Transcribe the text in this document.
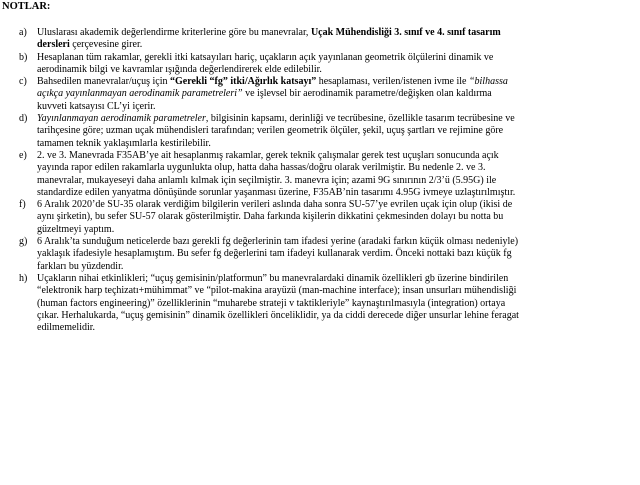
NOTLAR:
a) Uluslarası akademik değerlendirme kriterlerine göre bu manevralar, Uçak Mühendisliği 3. sınıf ve 4. sınıf tasarım dersleri çerçevesine girer.
b) Hesaplanan tüm rakamlar, gerekli itki katsayıları hariç, uçakların açık yayınlanan geometrik ölçülerini dinamik ve aerodinamik bilgi ve kavramlar ışığında değerlendirerek elde edilebilir.
c) Bahsedilen manevralar/uçuş için “Gerekli “fg” itki/Ağırlık katsayı” hesaplaması, verilen/istenen ivme ile “bilhassa açıkça yayınlanmayan aerodinamik parametreleri” ve işlevsel bir aerodinamik parametre/değişken olan kaldırma kuvveti katsayısı CL’yi içerir.
d) Yayınlanmayan aerodinamik parametreler, bilgisinin kapsamı, derinliği ve tecrübesine, özellikle tasarım tecrübesine ve tarihçesine göre; uzman uçak mühendisleri tarafından; verilen geometrik ölçüler, şekil, uçuş şartları ve rejimine göre tamamen teknik yaklaşımlarla kestirilebilir.
e) 2. ve 3. Manevrada F35AB’ye ait hesaplanmış rakamlar, gerek teknik çalışmalar gerek test uçuşları sonucunda açık yayında rapor edilen rakamlarla uygunlukta olup, hatta daha hassas/doğru olarak verilmiştir. Bu nedenle 2. ve 3. manevralar, mukayeseyi daha anlamlı kılmak için seçilmiştir. 3. manevra için; azami 9G sınırının 2/3’ü (5.95G) ile standardize edilen yanyatma dönüşünde sorunlar yaşanması üzerine, F35AB’nin tasarımı 4.95G ivmeye uzlaştırılmıştır.
f) 6 Aralık 2020’de SU-35 olarak verdiğim bilgilerin verileri aslında daha sonra SU-57’ye evrilen uçak için olup (ikisi de aynı şirketin), bu sefer SU-57 olarak gösterilmiştir. Daha farkında kişilerin dikkatini çekmesinden dolayı bu notta bu güzeltmeyi yaptım.
g) 6 Aralık’ta sunduğum neticelerde bazı gerekli fg değerlerinin tam ifadesi yerine (aradaki farkın küçük olması nedeniyle) yaklaşık ifadesiyle hesaplamıştım. Bu sefer fg değerlerini tam ifadeyi kullanarak verdim. Önceki nottaki bazı küçük fg farkları bu yüzdendir.
h) Uçakların nihai etkinlikleri; “uçuş gemisinin/platformun” bu manevralardaki dinamik özellikleri gb üzerine bindirilen “elektronik harp teçhizatı+mühimmat” ve “pilot-makina arayüzü (man-machine interface); insan unsurları mühendisliği (human factors engineering)” özelliklerinin “muharebe strateji v taktikleriyle” kaynaştırılmasıyla (integration) ortaya çıkar. Herhalukarda, “uçuş gemisinin” dinamik özellikleri önceliklidir, ya da ciddi derecede diğer unsurlar lehine feragat edilmemelidir.
